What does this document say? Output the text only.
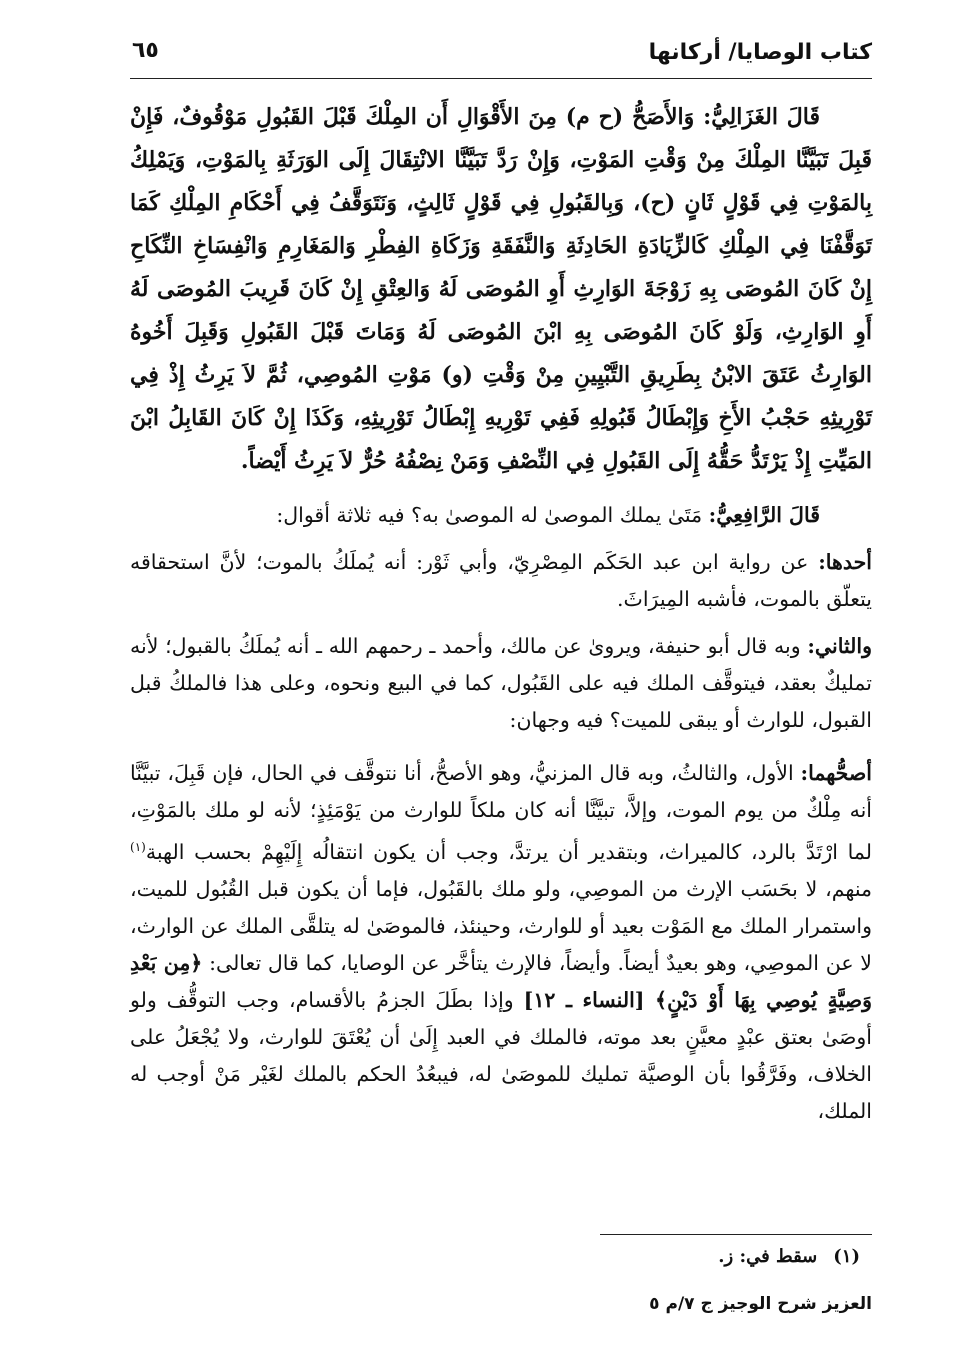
كتاب الوصايا/ أركانها
٦٥

قَالَ الغَزَالِيُّ: وَالأَصَحُّ (ح م) مِنَ الأَقْوَالِ أَن المِلْكَ قَبْلَ القَبُولِ مَوْقُوفٌ، فَإِنْ قَبِلَ تَبَيَّنَّا المِلْكَ مِنْ وَقْتِ المَوْتِ، وَإِنْ رَدَّ تَبَيَّنَّا الانْتِقَالَ إِلَى الوَرَثَةِ بِالمَوْتِ، وَيَمْلِكُ بِالمَوْتِ فِي قَوْلٍ ثَانٍ (ح)، وَبِالقَبُولِ فِي قَوْلٍ ثَالِثٍ، وَنَتَوَقَّفُ فِي أَحْكَامِ المِلْكِ كَمَا تَوَقَّفْنَا فِي المِلْكِ كَالزِّيَادَةِ الحَادِثَةِ وَالنَّفَقَةِ وَزَكَاةِ الفِطْرِ وَالمَغَارِمِ وَانْفِسَاخِ النِّكَاحِ إِنْ كَانَ المُوصَى بِهِ زَوْجَةَ الوَارِثِ أَوِ المُوصَى لَهُ وَالعِتْقِ إِنْ كَانَ قَرِيبَ المُوصَى لَهُ أَوِ الوَارِثِ، وَلَوْ كَانَ المُوصَى بِهِ ابْنَ المُوصَى لَهُ وَمَاتَ قَبْلَ القَبُولِ وَقَبِلَ أَخُوهُ الوَارِثُ عَتَقَ الابْنُ بِطَرِيقِ التَّبْيِينِ مِنْ وَقْتِ (و) مَوْتِ المُوصِي، ثُمَّ لاَ يَرِثُ إِذْ فِي تَوْرِيثِهِ حَجْبُ الأَخِ وَإِبْطَالُ قَبُولِهِ فَفِي تَوْرِيهِ إِبْطَالُ تَوْرِيثِهِ، وَكَذَا إِنْ كَانَ القَابِلُ ابْنَ المَيِّتِ إِذْ يَرْتَدُّ حَقُّهُ إِلَى القَبُولِ فِي النِّصْفِ وَمَنْ نِصْفُهُ حُرٌّ لاَ يَرِثُ أَيْضاً.

قَالَ الرَّافِعِيُّ: مَتَىٰ يملك الموصىٰ له الموصىٰ به؟ فيه ثلاثة أقوال:

أحدها: عن رواية ابن عبد الحَكَم المِصْرِيّ، وأبي ثَوْر: أنه يُملَكُ بالموت؛ لأنَّ استحقاقه يتعلّق بالموت، فأشبه المِيرَاثَ.

والثاني: وبه قال أبو حنيفة، ويروىٰ عن مالك، وأحمد ـ رحمهم الله ـ أنه يُملَكُ بالقبول؛ لأنه تمليكٌ بعقد، فيتوقَّف الملك فيه على القَبُول، كما في البيع ونحوه، وعلى هذا فالملكُ قبل القبول، للوارث أو يبقى للميت؟ فيه وجهان:

أصحُّهما: الأول، والثالثُ، وبه قال المزنيُّ، وهو الأصحُّ، أنا نتوقَّف في الحال، فإن قَبِلَ، تبيَّنَّا أنه مِلْكٌ من يوم الموت، وإلاَّ، تبيَّنَّا أنه كان ملكاً للوارث من يَوْمَئِذٍ؛ لأنه لو ملك بالمَوْتِ، لما ارْتَدَّ بالرد، كالميراث، وبتقدير أن يرتدَّ، وجب أن يكون انتقالُه إِلَيْهِمْ بحسب الهبة$^{(١)}$ منهم، لا بحَسَب الإرث من الموصِي، ولو ملك بالقَبُول، فإما أن يكون قبل القُبُول للميت، واستمرار الملك مع المَوْت بعيد أو للوارث، وحينئذ، فالموصَىٰ له يتلقَّى الملك عن الوارث، لا عن الموصِي، وهو بعيدٌ أيضاً. وأيضاً، فالإرث يتأخَّر عن الوصايا، كما قال تعالى: ﴿مِن بَعْدِ وَصِيَّةٍ يُوصِي بِهَا أَوْ دَيْنٍ﴾ [النساء ـ ١٢] وإذا بطَلَ الجزمُ بالأقسام، وجب التوقُّف ولو أوصَىٰ بعتق عبْدٍ معيَّنٍ بعد موته، فالملك في العبد إِلَىٰ أن يُعْتَقَ للوارث، ولا يُجْعَلُ على الخلاف، وفَرَّقُوا بأن الوصيَّة تمليك للموصَىٰ له، فيبعُدُ الحكم بالملك لغَيْر مَنْ أوجب له الملك،

(١)سقط في: ز.
العزيز شرح الوجيز ج ٧/م ٥
